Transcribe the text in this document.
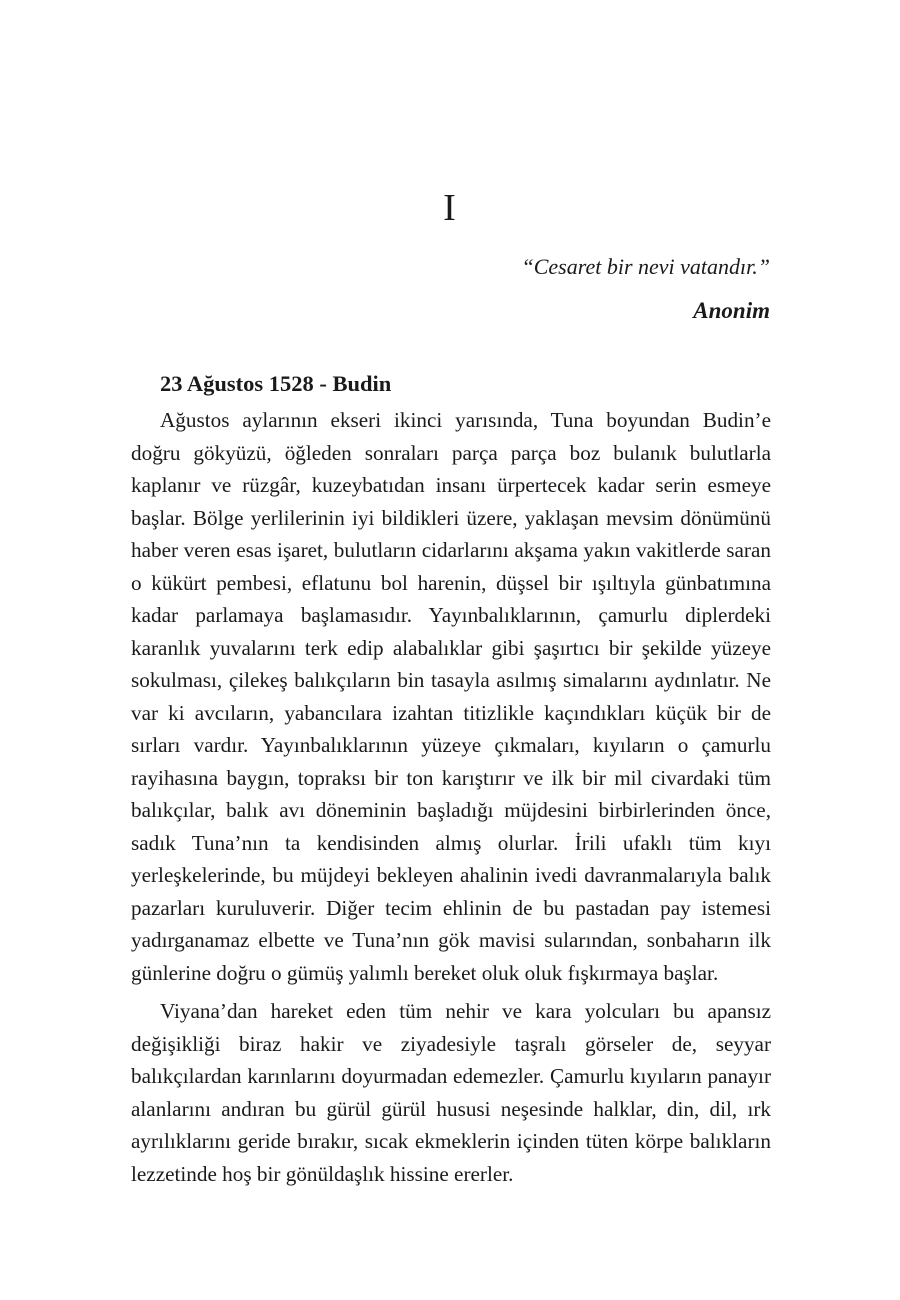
I
“Cesaret bir nevi vatandır.”
Anonim
23 Ağustos 1528 - Budin

Ağustos aylarının ekseri ikinci yarısında, Tuna boyundan Budin’e doğru gökyüzü, öğleden sonraları parça parça boz bulanık bulutlarla kaplanır ve rüzgâr, kuzeybatıdan insanı ürpertecek kadar serin esmeye başlar. Bölge yerlilerinin iyi bildikleri üzere, yaklaşan mevsim dönümünü haber veren esas işaret, bulutların cidarlarını akşama yakın vakitlerde saran o kükürt pembesi, eflatunu bol harenin, düşsel bir ışıltıyla günbatımına kadar parlamaya başlamasıdır. Yayınbalıklarının, çamurlu diplerdeki karanlık yuvalarını terk edip alabalıklar gibi şaşırtıcı bir şekilde yüzeye sokulması, çilekeş balıkçıların bin tasayla asılmış simalarını aydınlatır. Ne var ki avcıların, yabancılara izahtan titizlikle kaçındıkları küçük bir de sırları vardır. Yayınbalıklarının yüzeye çıkmaları, kıyıların o çamurlu rayihasına baygın, topraksı bir ton karıştırır ve ilk bir mil civardaki tüm balıkçılar, balık avı döneminin başladığı müjdesini birbirlerinden önce, sadık Tuna’nın ta kendisinden almış olurlar. İrili ufaklı tüm kıyı yerleşkelerinde, bu müjdeyi bekleyen ahalinin ivedi davranmalarıyla balık pazarları kuruluverir. Diğer tecim ehlinin de bu pastadan pay istemesi yadırganamaz elbette ve Tuna’nın gök mavisi sularından, sonbaharın ilk günlerine doğru o gümüş yalımlı bereket oluk oluk fışkırmaya başlar.

Viyana’dan hareket eden tüm nehir ve kara yolcuları bu apansız değişikliği biraz hakir ve ziyadesiyle taşralı görseler de, seyyar balıkçılardan karınlarını doyurmadan edemezler. Çamurlu kıyıların panayır alanlarını andıran bu gürül gürül hususi neşesinde halklar, din, dil, ırk ayrılıklarını geride bırakır, sıcak ekmeklerin içinden tüten körpe balıkların lezzetinde hoş bir gönüldaşlık hissine ererler.
